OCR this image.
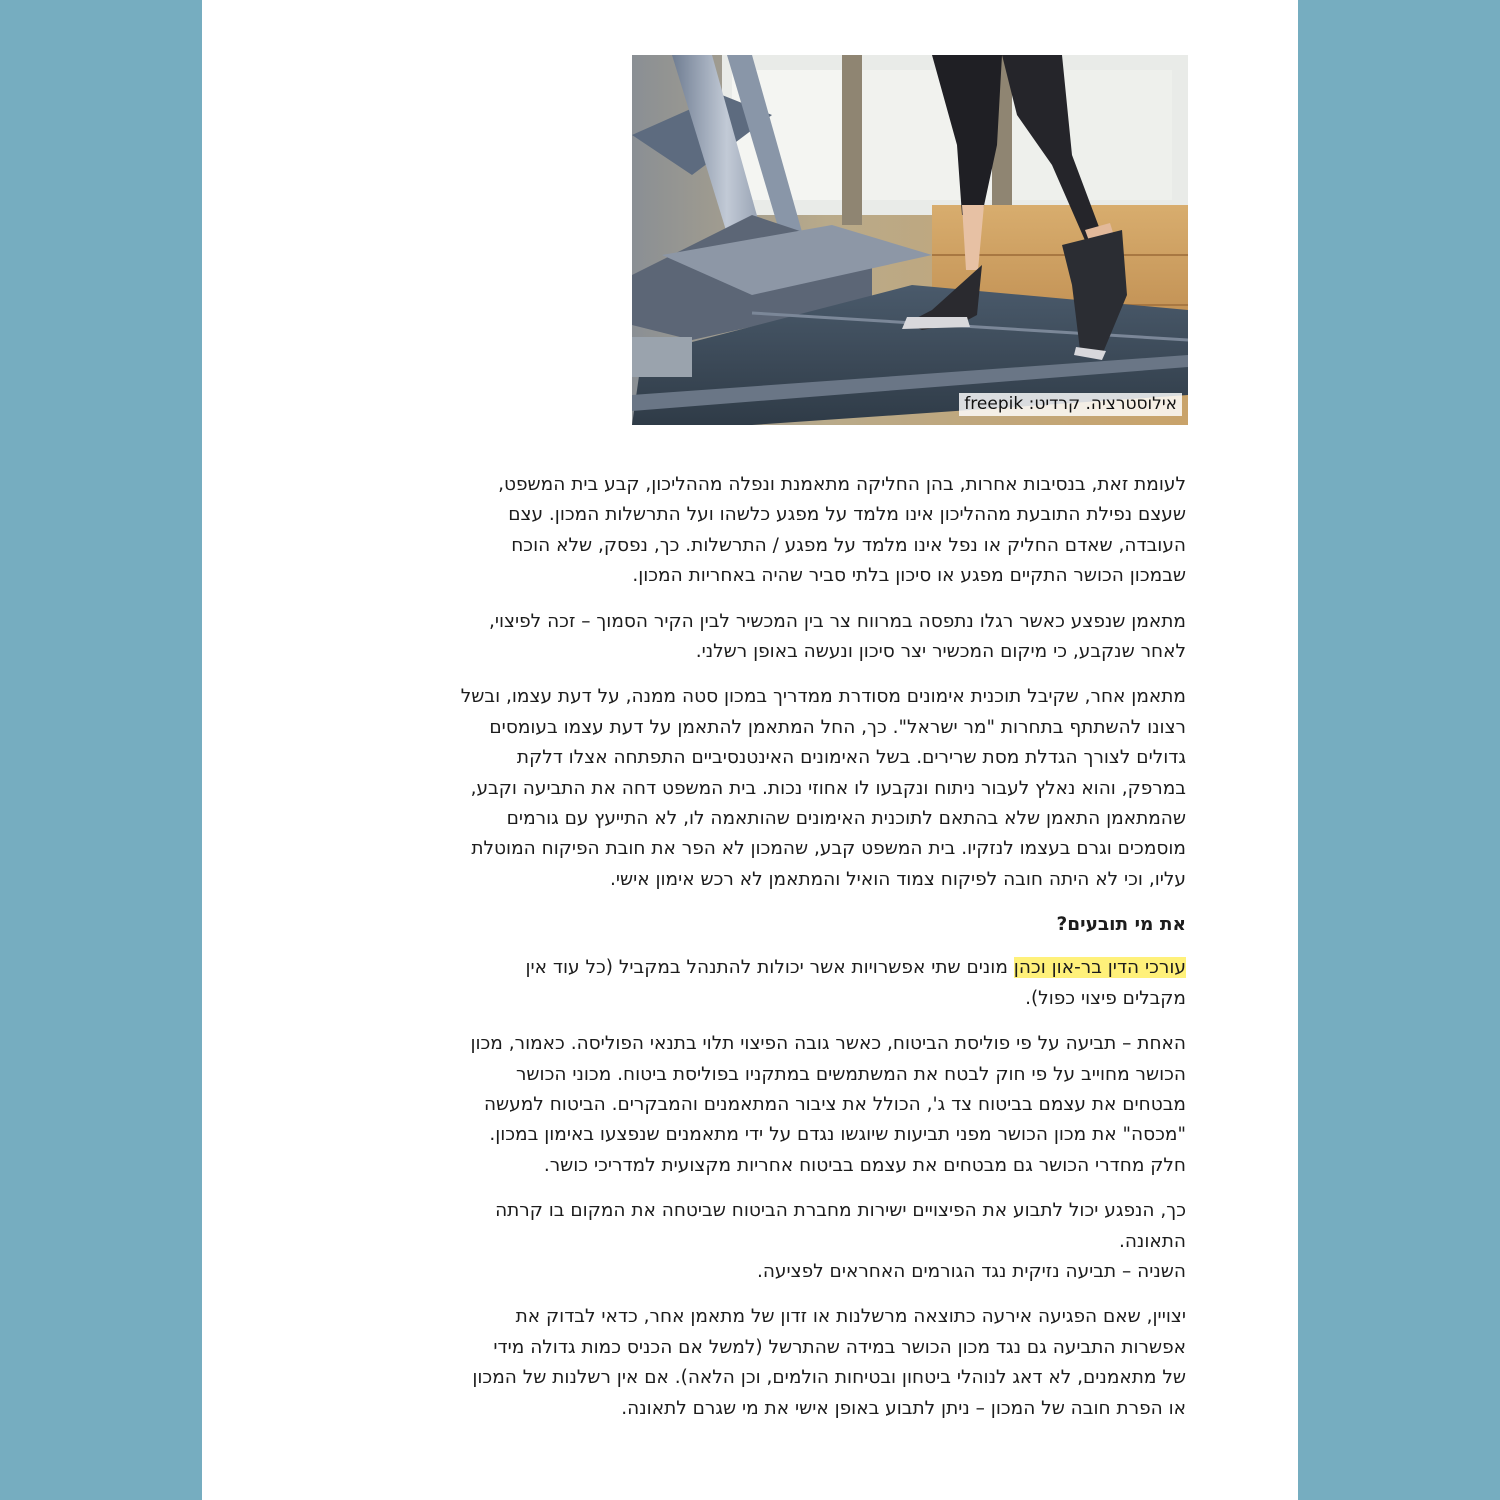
אילוסטרציה. קרדיט: freepik

לעומת זאת, בנסיבות אחרות, בהן החליקה מתאמנת ונפלה מההליכון, קבע בית המשפט,
שעצם נפילת התובעת מההליכון אינו מלמד על מפגע כלשהו ועל התרשלות המכון. עצם
העובדה, שאדם החליק או נפל אינו מלמד על מפגע / התרשלות. כך, נפסק, שלא הוכח
שבמכון הכושר התקיים מפגע או סיכון בלתי סביר שהיה באחריות המכון.

מתאמן שנפצע כאשר רגלו נתפסה במרווח צר בין המכשיר לבין הקיר הסמוך – זכה לפיצוי,
לאחר שנקבע, כי מיקום המכשיר יצר סיכון ונעשה באופן רשלני.

מתאמן אחר, שקיבל תוכנית אימונים מסודרת ממדריך במכון סטה ממנה, על דעת עצמו, ובשל
רצונו להשתתף בתחרות "מר ישראל". כך, החל המתאמן להתאמן על דעת עצמו בעומסים
גדולים לצורך הגדלת מסת שרירים. בשל האימונים האינטנסיביים התפתחה אצלו דלקת
במרפק, והוא נאלץ לעבור ניתוח ונקבעו לו אחוזי נכות. בית המשפט דחה את התביעה וקבע,
שהמתאמן התאמן שלא בהתאם לתוכנית האימונים שהותאמה לו, לא התייעץ עם גורמים
מוסמכים וגרם בעצמו לנזקיו. בית המשפט קבע, שהמכון לא הפר את חובת הפיקוח המוטלת
עליו, וכי לא היתה חובה לפיקוח צמוד הואיל והמתאמן לא רכש אימון אישי.

את מי תובעים?

עורכי הדין בר-און וכהן מונים שתי אפשרויות אשר יכולות להתנהל במקביל (כל עוד אין
מקבלים פיצוי כפול).

האחת – תביעה על פי פוליסת הביטוח, כאשר גובה הפיצוי תלוי בתנאי הפוליסה. כאמור, מכון
הכושר מחוייב על פי חוק לבטח את המשתמשים במתקניו בפוליסת ביטוח. מכוני הכושר
מבטחים את עצמם בביטוח צד ג', הכולל את ציבור המתאמנים והמבקרים. הביטוח למעשה
"מכסה" את מכון הכושר מפני תביעות שיוגשו נגדם על ידי מתאמנים שנפצעו באימון במכון.
חלק מחדרי הכושר גם מבטחים את עצמם בביטוח אחריות מקצועית למדריכי כושר.

כך, הנפגע יכול לתבוע את הפיצויים ישירות מחברת הביטוח שביטחה את המקום בו קרתה
התאונה.
השניה – תביעה נזיקית נגד הגורמים האחראים לפציעה.

יצויין, שאם הפגיעה אירעה כתוצאה מרשלנות או זדון של מתאמן אחר, כדאי לבדוק את
אפשרות התביעה גם נגד מכון הכושר במידה שהתרשל (למשל אם הכניס כמות גדולה מידי
של מתאמנים, לא דאג לנוהלי ביטחון ובטיחות הולמים, וכן הלאה). אם אין רשלנות של המכון
או הפרת חובה של המכון – ניתן לתבוע באופן אישי את מי שגרם לתאונה.
